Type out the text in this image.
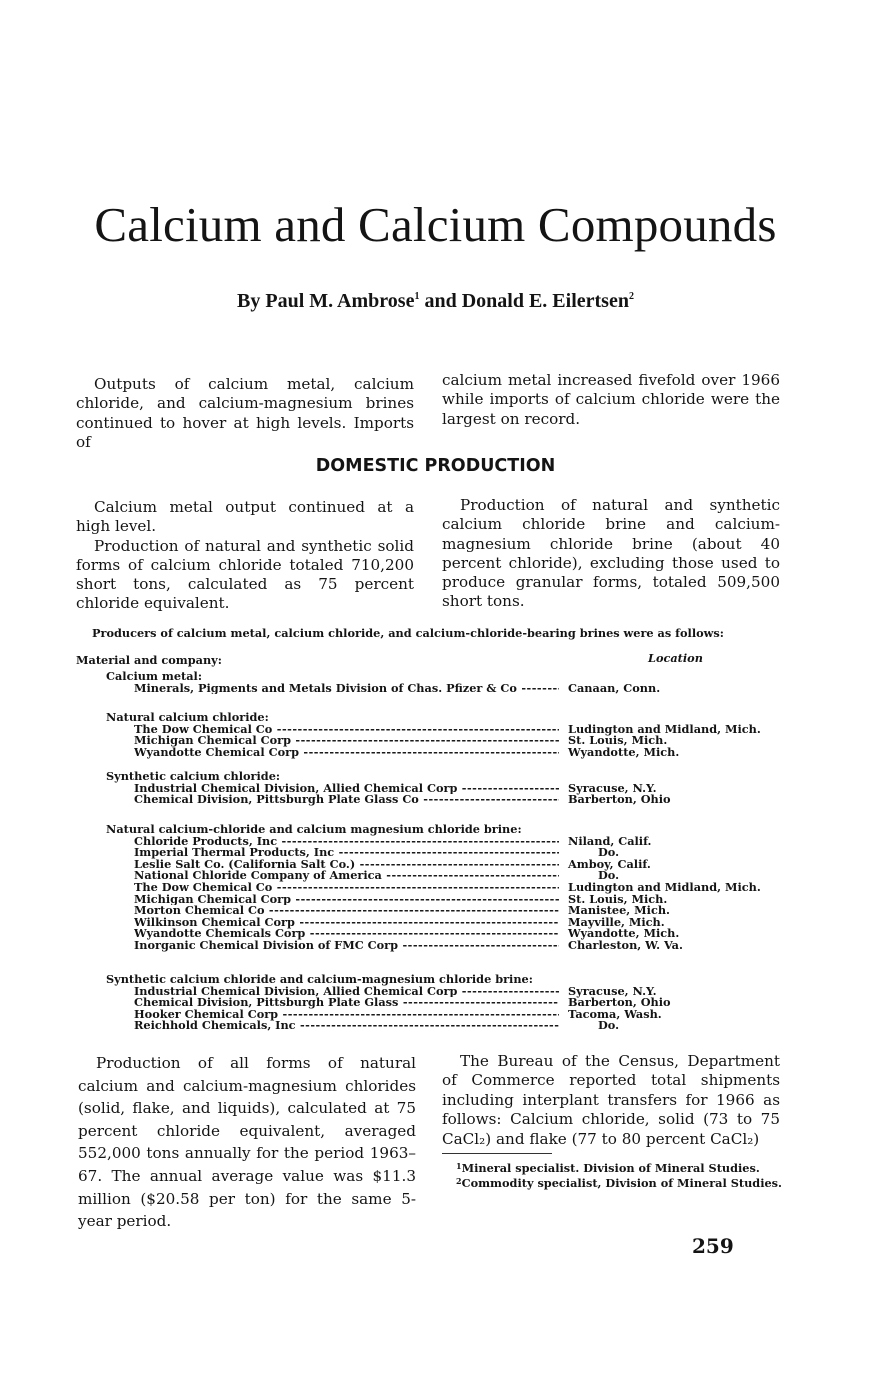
Calcium and Calcium Compounds
By Paul M. Ambrose$^1$ and Donald E. Eilertsen$^2$

Outputs of calcium metal, calcium chloride, and calcium-magnesium brines continued to hover at high levels. Imports of

calcium metal increased fivefold over 1966 while imports of calcium chloride were the largest on record.

DOMESTIC PRODUCTION

Calcium metal output continued at a high level.

Production of natural and synthetic solid forms of calcium chloride totaled 710,200 short tons, calculated as 75 percent chloride equivalent.

Production of natural and synthetic calcium chloride brine and calcium-magnesium chloride brine (about 40 percent chloride), excluding those used to produce granular forms, totaled 509,500 short tons.

Producers of calcium metal, calcium chloride, and calcium-chloride-bearing brines were as follows:
Material and company:	Location
Calcium metal:
Minerals, Pigments and Metals Division of Chas. Pfizer & Co -----	Canaan, Conn.
Natural calcium chloride:
The Dow Chemical Co -----	Ludington and Midland, Mich.
Michigan Chemical Corp -----	St. Louis, Mich.
Wyandotte Chemical Corp -----	Wyandotte, Mich.
Synthetic calcium chloride:
Industrial Chemical Division, Allied Chemical Corp -----	Syracuse, N.Y.
Chemical Division, Pittsburgh Plate Glass Co -----	Barberton, Ohio
Natural calcium-chloride and calcium magnesium chloride brine:
Chloride Products, Inc -----	Niland, Calif.
Imperial Thermal Products, Inc -----	Do.
Leslie Salt Co. (California Salt Co.) -----	Amboy, Calif.
National Chloride Company of America -----	Do.
The Dow Chemical Co -----	Ludington and Midland, Mich.
Michigan Chemical Corp -----	St. Louis, Mich.
Morton Chemical Co -----	Manistee, Mich.
Wilkinson Chemical Corp -----	Mayville, Mich.
Wyandotte Chemicals Corp -----	Wyandotte, Mich.
Inorganic Chemical Division of FMC Corp -----	Charleston, W. Va.
Synthetic calcium chloride and calcium-magnesium chloride brine:
Industrial Chemical Division, Allied Chemical Corp -----	Syracuse, N.Y.
Chemical Division, Pittsburgh Plate Glass -----	Barberton, Ohio
Hooker Chemical Corp -----	Tacoma, Wash.
Reichhold Chemicals, Inc -----	Do.

Production of all forms of natural calcium and calcium-magnesium chlorides (solid, flake, and liquids), calculated at 75 percent chloride equivalent, averaged 552,000 tons annually for the period 1963–67. The annual average value was $11.3 million ($20.58 per ton) for the same 5-year period.

The Bureau of the Census, Department of Commerce reported total shipments including interplant transfers for 1966 as follows: Calcium chloride, solid (73 to 75 CaCl₂) and flake (77 to 80 percent CaCl₂)

$^1$Mineral specialist. Division of Mineral Studies.

$^2$Commodity specialist, Division of Mineral Studies.

259
